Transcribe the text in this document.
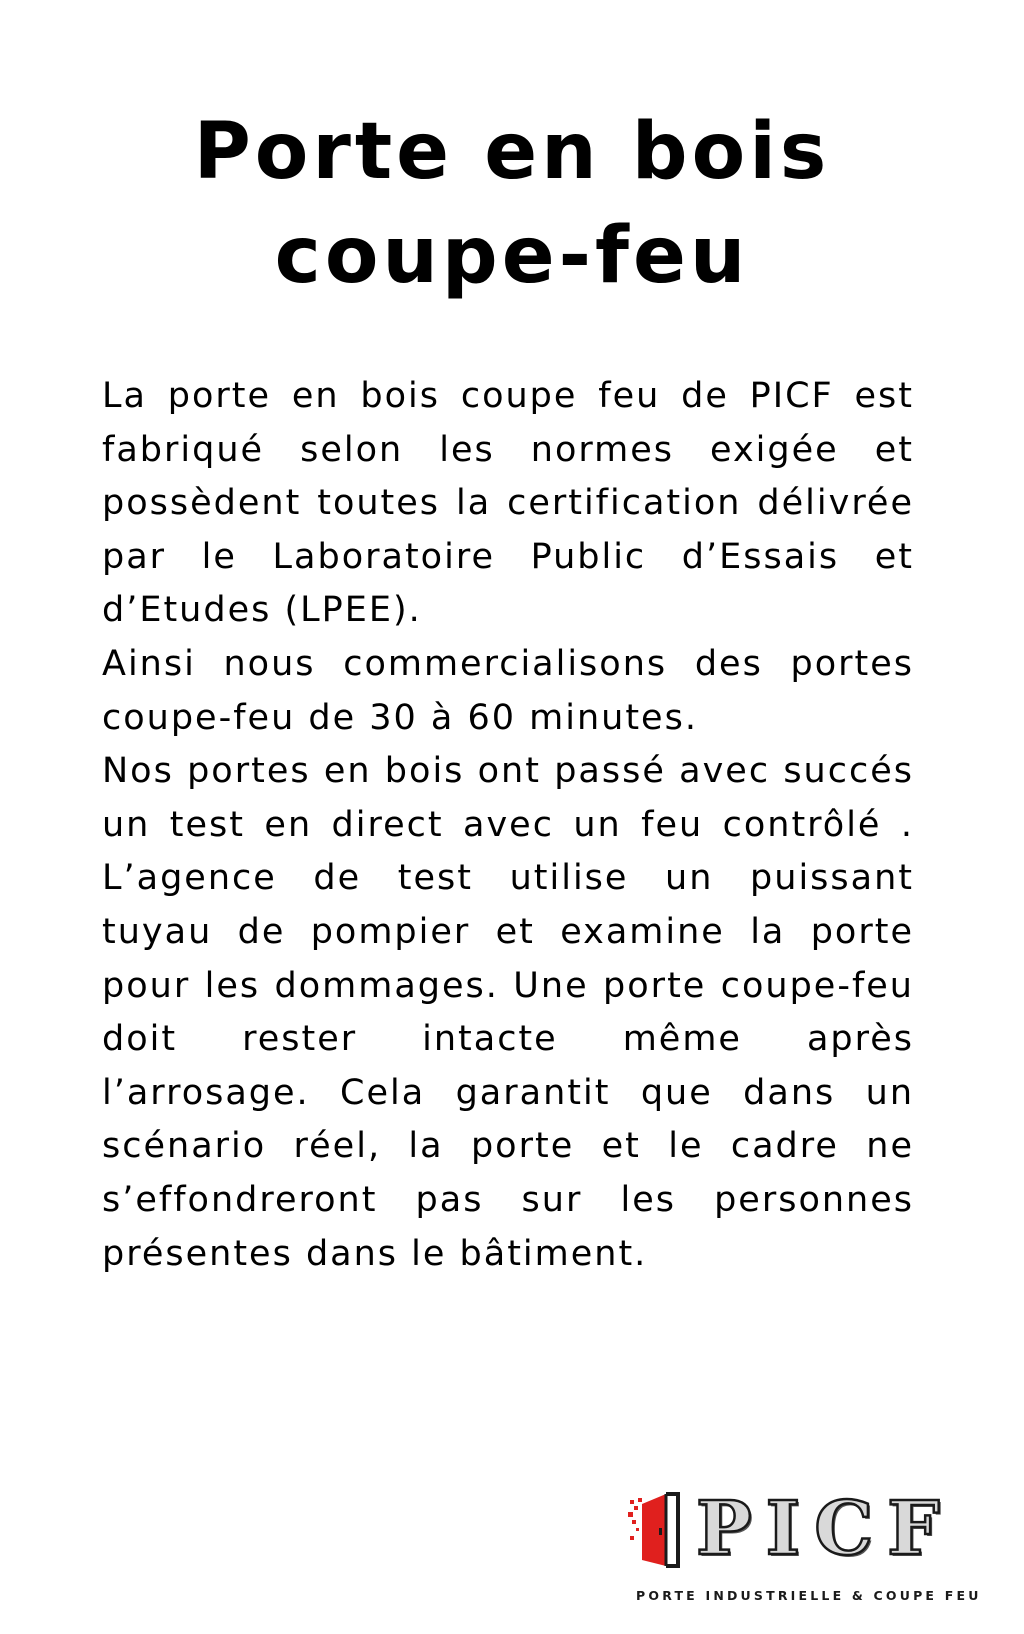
Porte en bois
coupe-feu

La porte en bois coupe feu de PICF est fabriqué selon les normes exigée et possèdent toutes la certification délivrée par le Laboratoire Public d’Essais et d’Etudes (LPEE).

Ainsi nous commercialisons des portes coupe-feu de 30 à 60 minutes.

Nos portes en bois ont passé avec succés un test en direct avec un feu contrôlé . L’agence de test utilise un puissant tuyau de pompier et examine la porte pour les dommages. Une porte coupe-feu doit rester intacte même après l’arrosage. Cela garantit que dans un scénario réel, la porte et le cadre ne s’effondreront pas sur les personnes présentes dans le bâtiment.

PICF
PORTE INDUSTRIELLE & COUPE FEU
